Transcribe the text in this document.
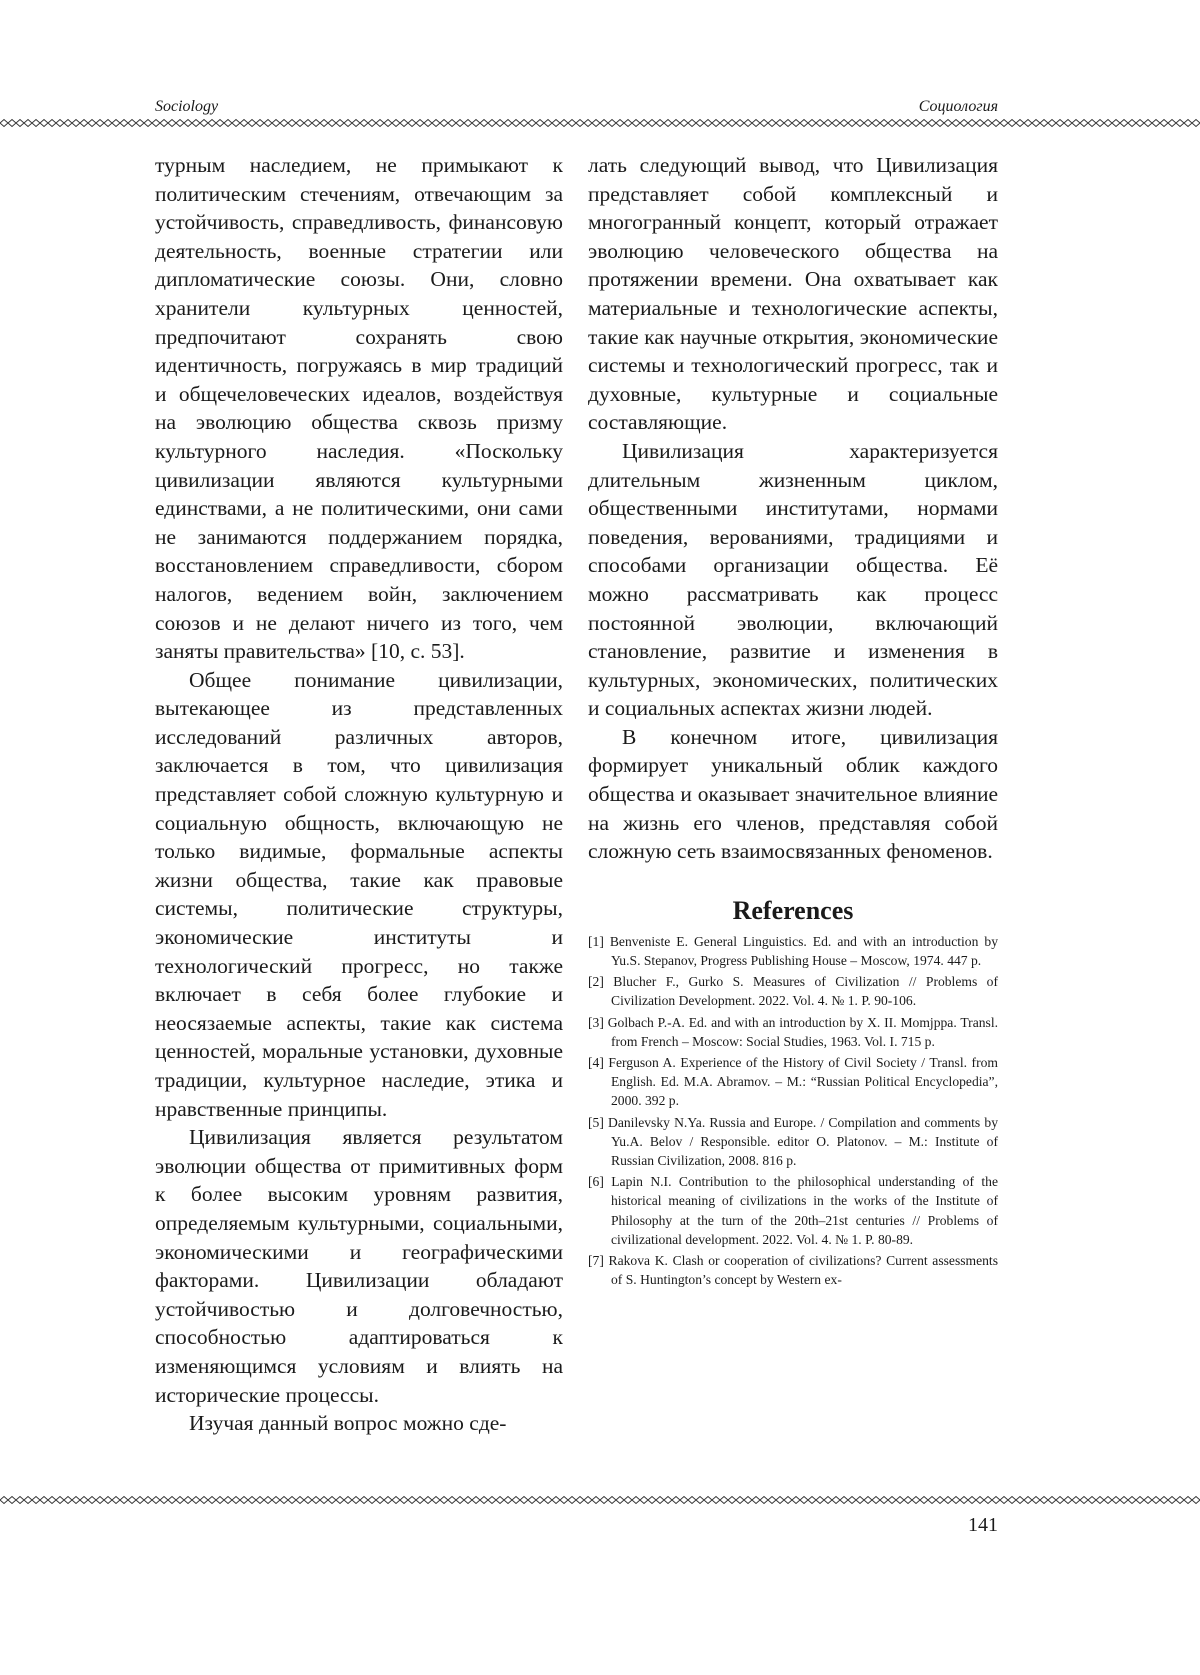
Sociology	Социология

турным наследием, не примыкают к политическим стечениям, отвечающим за устойчивость, справедливость, финансовую деятельность, военные стратегии или дипломатические союзы. Они, словно хранители культурных ценностей, предпочитают сохранять свою идентичность, погружаясь в мир традиций и общечеловеческих идеалов, воздействуя на эволюцию общества сквозь призму культурного наследия. «Поскольку цивилизации являются культурными единствами, а не политическими, они сами не занимаются поддержанием порядка, восстановлением справедливости, сбором налогов, ведением войн, заключением союзов и не делают ничего из того, чем заняты правительства» [10, с. 53].

Общее понимание цивилизации, вытекающее из представленных исследований различных авторов, заключается в том, что цивилизация представляет собой сложную культурную и социальную общность, включающую не только видимые, формальные аспекты жизни общества, такие как правовые системы, политические структуры, экономические институты и технологический прогресс, но также включает в себя более глубокие и неосязаемые аспекты, такие как система ценностей, моральные установки, духовные традиции, культурное наследие, этика и нравственные принципы.

Цивилизация является результатом эволюции общества от примитивных форм к более высоким уровням развития, определяемым культурными, социальными, экономическими и географическими факторами. Цивилизации обладают устойчивостью и долговечностью, способностью адаптироваться к изменяющимся условиям и влиять на исторические процессы.

Изучая данный вопрос можно сде-

лать следующий вывод, что Цивилизация представляет собой комплексный и многогранный концепт, который отражает эволюцию человеческого общества на протяжении времени. Она охватывает как материальные и технологические аспекты, такие как научные открытия, экономические системы и технологический прогресс, так и духовные, культурные и социальные составляющие.

Цивилизация характеризуется длительным жизненным циклом, общественными институтами, нормами поведения, верованиями, традициями и способами организации общества. Её можно рассматривать как процесс постоянной эволюции, включающий становление, развитие и изменения в культурных, экономических, политических и социальных аспектах жизни людей.

В конечном итоге, цивилизация формирует уникальный облик каждого общества и оказывает значительное влияние на жизнь его членов, представляя собой сложную сеть взаимосвязанных феноменов.

References
[1] Benveniste E. General Linguistics. Ed. and with an introduction by Yu.S. Stepanov, Progress Publishing House – Moscow, 1974. 447 p.
[2] Blucher F., Gurko S. Measures of Civilization // Problems of Civilization Development. 2022. Vol. 4. № 1. P. 90-106.
[3] Golbach P.-A. Ed. and with an introduction by X. II. Momjppa. Transl. from French – Moscow: Social Studies, 1963. Vol. I. 715 p.
[4] Ferguson A. Experience of the History of Civil Society / Transl. from English. Ed. M.A. Abramov. – M.: “Russian Political Encyclopedia”, 2000. 392 p.
[5] Danilevsky N.Ya. Russia and Europe. / Compilation and comments by Yu.A. Belov / Responsible. editor O. Platonov. – M.: Institute of Russian Civilization, 2008. 816 p.
[6] Lapin N.I. Contribution to the philosophical understanding of the historical meaning of civilizations in the works of the Institute of Philosophy at the turn of the 20th–21st centuries // Problems of civilizational development. 2022. Vol. 4. № 1. P. 80-89.
[7] Rakova K. Clash or cooperation of civilizations? Current assessments of S. Huntington’s concept by Western ex-
141
